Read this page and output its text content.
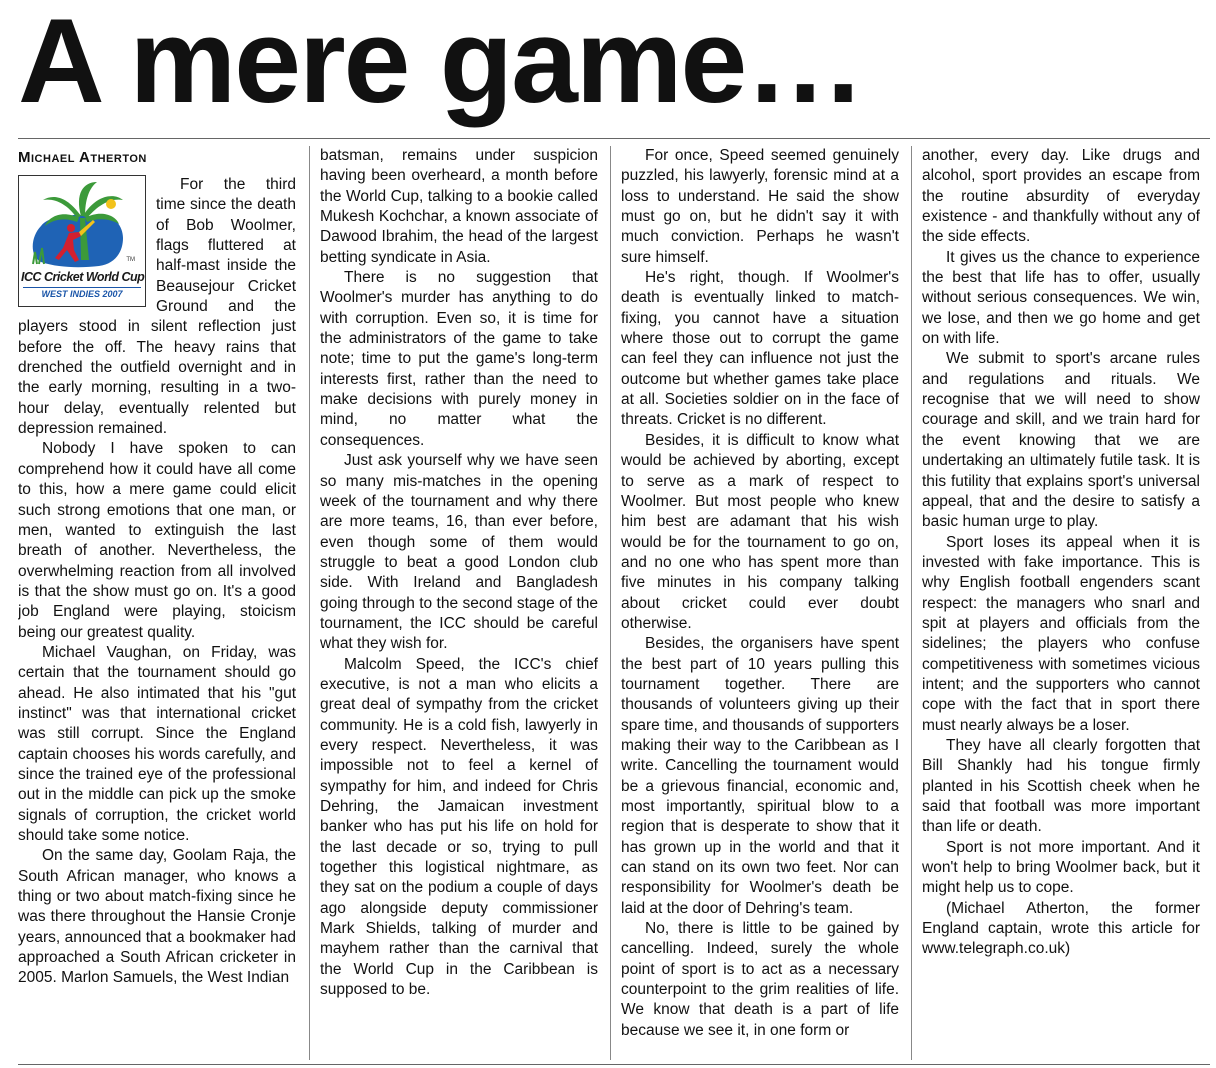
A mere game…
Michael Atherton
TM
ICC Cricket World Cup
WEST INDIES 2007

For the third time since the death of Bob Woolmer, flags fluttered at half-mast inside the Beausejour Cricket Ground and the players stood in silent reflection just before the off. The heavy rains that drenched the outfield overnight and in the early morning, resulting in a two-hour delay, eventually relented but depression remained.

Nobody I have spoken to can comprehend how it could have all come to this, how a mere game could elicit such strong emotions that one man, or men, wanted to extinguish the last breath of another. Nevertheless, the overwhelming reaction from all involved is that the show must go on. It's a good job England were playing, stoicism being our greatest quality.

Michael Vaughan, on Friday, was certain that the tournament should go ahead. He also intimated that his "gut instinct" was that international cricket was still corrupt. Since the England captain chooses his words carefully, and since the trained eye of the professional out in the middle can pick up the smoke signals of corruption, the cricket world should take some notice.

On the same day, Goolam Raja, the South African manager, who knows a thing or two about match-fixing since he was there throughout the Hansie Cronje years, announced that a bookmaker had approached a South African cricketer in 2005. Marlon Samuels, the West Indian

batsman, remains under suspicion having been overheard, a month before the World Cup, talking to a bookie called Mukesh Kochchar, a known associate of Dawood Ibrahim, the head of the largest betting syndicate in Asia.

There is no suggestion that Woolmer's murder has anything to do with corruption. Even so, it is time for the administrators of the game to take note; time to put the game's long-term interests first, rather than the need to make decisions with purely money in mind, no matter what the consequences.

Just ask yourself why we have seen so many mis-matches in the opening week of the tournament and why there are more teams, 16, than ever before, even though some of them would struggle to beat a good London club side. With Ireland and Bangladesh going through to the second stage of the tournament, the ICC should be careful what they wish for.

Malcolm Speed, the ICC's chief executive, is not a man who elicits a great deal of sympathy from the cricket community. He is a cold fish, lawyerly in every respect. Nevertheless, it was impossible not to feel a kernel of sympathy for him, and indeed for Chris Dehring, the Jamaican investment banker who has put his life on hold for the last decade or so, trying to pull together this logistical nightmare, as they sat on the podium a couple of days ago alongside deputy commissioner Mark Shields, talking of murder and mayhem rather than the carnival that the World Cup in the Caribbean is supposed to be.

For once, Speed seemed genuinely puzzled, his lawyerly, forensic mind at a loss to understand. He said the show must go on, but he didn't say it with much conviction. Perhaps he wasn't sure himself.

He's right, though. If Woolmer's death is eventually linked to match-fixing, you cannot have a situation where those out to corrupt the game can feel they can influence not just the outcome but whether games take place at all. Societies soldier on in the face of threats. Cricket is no different.

Besides, it is difficult to know what would be achieved by aborting, except to serve as a mark of respect to Woolmer. But most people who knew him best are adamant that his wish would be for the tournament to go on, and no one who has spent more than five minutes in his company talking about cricket could ever doubt otherwise.

Besides, the organisers have spent the best part of 10 years pulling this tournament together. There are thousands of volunteers giving up their spare time, and thousands of supporters making their way to the Caribbean as I write. Cancelling the tournament would be a grievous financial, economic and, most importantly, spiritual blow to a region that is desperate to show that it has grown up in the world and that it can stand on its own two feet. Nor can responsibility for Woolmer's death be laid at the door of Dehring's team.

No, there is little to be gained by cancelling. Indeed, surely the whole point of sport is to act as a necessary counterpoint to the grim realities of life. We know that death is a part of life because we see it, in one form or

another, every day. Like drugs and alcohol, sport provides an escape from the routine absurdity of everyday existence - and thankfully without any of the side effects.

It gives us the chance to experience the best that life has to offer, usually without serious consequences. We win, we lose, and then we go home and get on with life.

We submit to sport's arcane rules and regulations and rituals. We recognise that we will need to show courage and skill, and we train hard for the event knowing that we are undertaking an ultimately futile task. It is this futility that explains sport's universal appeal, that and the desire to satisfy a basic human urge to play.

Sport loses its appeal when it is invested with fake importance. This is why English football engenders scant respect: the managers who snarl and spit at players and officials from the sidelines; the players who confuse competitiveness with sometimes vicious intent; and the supporters who cannot cope with the fact that in sport there must nearly always be a loser.

They have all clearly forgotten that Bill Shankly had his tongue firmly planted in his Scottish cheek when he said that football was more important than life or death.

Sport is not more important. And it won't help to bring Woolmer back, but it might help us to cope.

(Michael Atherton, the former England captain, wrote this article for www.telegraph.co.uk)
